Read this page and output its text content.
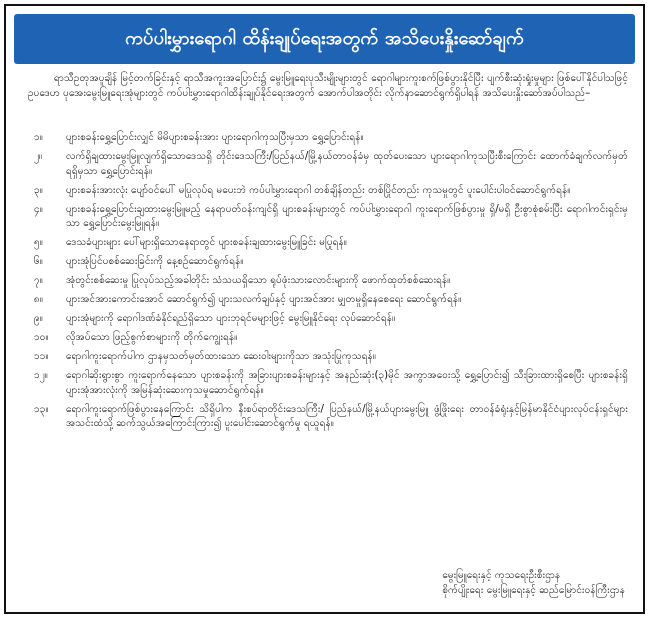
ကပ်ပါးမွှားရောဂါ ထိန်းချုပ်ရေးအတွက် အသိပေးနှိုးဆော်ချက်

ရာသီဥတုအပူချိန် မြင့်တက်ခြင်းနှင့် ရာသီအကူးအပြောင်း၌ မွေးမြူရေးပုသီးမျိုးများတွင် ရောဂါများကူးစက်ဖြစ်ပွားနိုင်ပြီး ပျက်စီးဆုံးရှုံးမှုများ ဖြစ်ပေါ်နိုင်ပါသဖြင့် ဥပဒေပာ ပုအေးမွေးမြူရေးအုံများတွင် ကပ်ပါးမွှားရောဂါထိန်းချုပ်နိုင်ရေးအတွက် အောက်ပါအတိုင်း လိုက်နာဆောင်ရွက်ရှိပါရန် အသိပေးနှိုးဆော်အပ်ပါသည်–

၁။	ပျားစခန်းရွှေ့ပြောင်းလျှင် မိမိပျားစခန်းအား ပျားရောဂါကုသပြီးမှသာ ရွှေ့ပြောင်းရန်။
၂။	လက်ရှိချထားမွေးမြူလျက်ရှိသောဒေသရှိ တိုင်းဒေသကြီး/ပြည်နယ်/မြို့နယ်တာဝန်ခံမှ ထုတ်ပေးသော ပျားရောဂါကုသပြီးစီးကြောင်း ထောက်ခံချက်လက်မှတ်ရရှိမှသာ ရွှေ့ပြောင်းရန်။
၃။	ပျားစခန်းအားလုံး ပျော်ဝင်ပေါ် မပြုလုပ်ရ မပေးဘဲ ကပ်ပါးမွှားရောဂါ တစ်ချိန်တည်း တစ်ပြိုင်တည်း ကုသမှုတွင် ပူးပေါင်းပါဝင်ဆောင်ရွက်ရန်။
၄။	ပျားစခန်းရွှေ့ပြောင်းချထားမွေးမြူမည့် နေရာပတ်ဝန်းကျင်ရှိ ပျားစခန်းများတွင် ကပ်ပါးမွှားရောဂါ ကူးရောက်ဖြစ်ပွားမှု ရှိ/မရှိ ဦးစွာစုံစမ်းပြီး ရောဂါကင်းရှင်းမှသာ ရွှေ့ပြောင်းမွေးမြူရန်။
၅။	ဒေသခံပျားများ ပေါ်များရှိသောနေရာတွင် ပျားစခန်းချထားမွေးမြူခြင်း မပြုရန်။
၆။	ပျားအုံပြင်ပစစ်ဆေးခြင်းကို နေ့စဉ်ဆောင်ရွက်ရန်။
၇။	အုံတွင်းစစ်ဆေးမှု ပြုလုပ်သည့်အခါတိုင်း သံသယရှိသော ရုပ်ဖုံးသားလောင်းများကို ဖောက်ထုတ်စစ်ဆေးရန်။
၈။	ပျားအင်အားကောင်းအောင် ဆောင်ရွက်၍ ပျားသလက်ချပ်နှင့် ပျားအင်အား မျှတမှုရှိနေစေရေး ဆောင်ရွက်ရန်။
၉။	ပျားအုံများကို ရောဂါဒဏ်ခံနိုင်ရည်ရှိသော ပျားဘုရင်မများဖြင့် မွေးမြူနိုင်ရေး လုပ်ဆောင်ရန်။
၁၀။	လိုအပ်သော ဖြည့်စွက်စာများကို တိုက်ကျွေးရန်။
၁၁။	ရောဂါကူးရောက်ပါက ဌာနမှသတ်မှတ်ထားသော ဆေးဝါးများကိုသာ အသုံးပြုကုသရန်။
၁၂။	ရောဂါဆိုးရွားစွာ ကူးရောက်နေသော ပျားစခန်းကို အခြားပျားစခန်းများနှင့် အနည်းဆုံး(၃)မိုင် အကွာအဝေးသို့ ရွှေ့ပြောင်း၍ သီးခြားထားရှိစေပြီး ပျားစခန်းရှိ ပျားအုံအားလုံးကို အမြန်ဆုံးဆေးကုသမှုဆောင်ရွက်ရန်။
၁၃။	ရောဂါကူးရောက်ဖြစ်ပွားနေကြောင်း သိရှိပါက နီးစပ်ရာတိုင်းဒေသကြီး/ ပြည်နယ်/မြို့နယ်ပျားမွေးမြူ ဖွံ့ဖြိုးရေး တာဝန်ခံရုံးနှင့်မြန်မာနိုင်ငံပျားလုပ်ငန်းရှင်များအသင်းထံသို့ ဆက်သွယ်အကြောင်းကြား၍ ပူးပေါင်းဆောင်ရွက်မှု ရယူရန်။
မွေးမြူရေးနှင့် ကုသရေးဦးစီးဌာန
စိုက်ပျိုးရေး မွေးမြူရေးနှင့် ဆည်မြောင်းဝန်ကြီးဌာန
